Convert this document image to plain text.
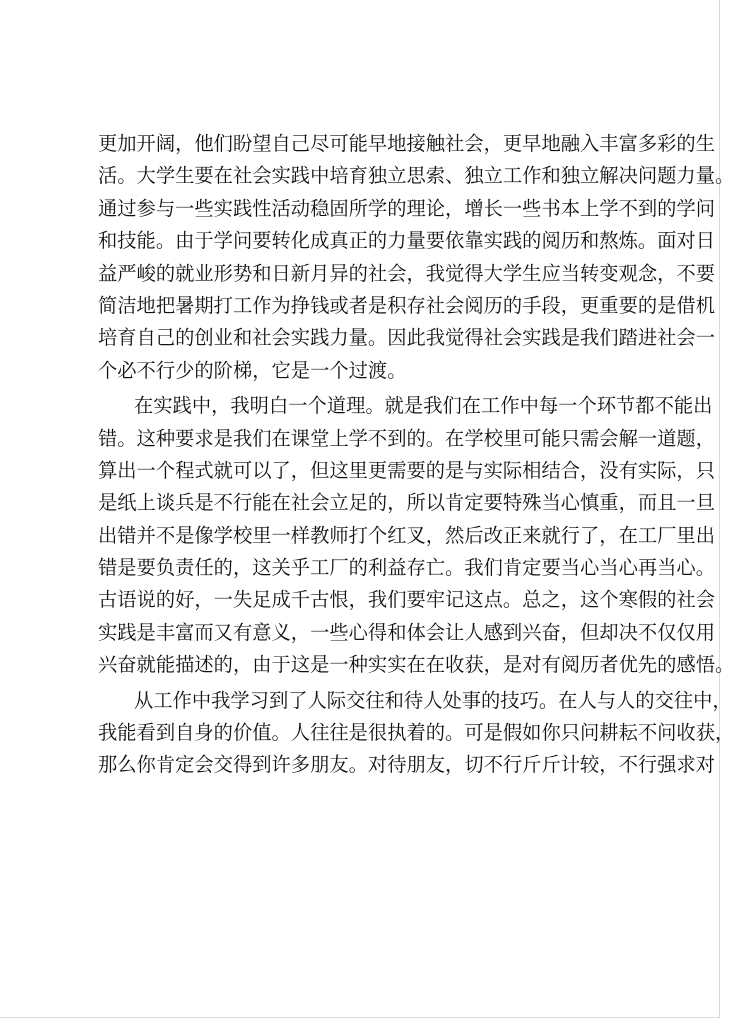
更加开阔，他们盼望自己尽可能早地接触社会，更早地融入丰富多彩的生
活。大学生要在社会实践中培育独立思索、独立工作和独立解决问题力量。
通过参与一些实践性活动稳固所学的理论，增长一些书本上学不到的学问
和技能。由于学问要转化成真正的力量要依靠实践的阅历和熬炼。面对日
益严峻的就业形势和日新月异的社会，我觉得大学生应当转变观念，不要
简洁地把暑期打工作为挣钱或者是积存社会阅历的手段，更重要的是借机
培育自己的创业和社会实践力量。因此我觉得社会实践是我们踏进社会一
个必不行少的阶梯，它是一个过渡。
在实践中，我明白一个道理。就是我们在工作中每一个环节都不能出
错。这种要求是我们在课堂上学不到的。在学校里可能只需会解一道题，
算出一个程式就可以了，但这里更需要的是与实际相结合，没有实际，只
是纸上谈兵是不行能在社会立足的，所以肯定要特殊当心慎重，而且一旦
出错并不是像学校里一样教师打个红叉，然后改正来就行了，在工厂里出
错是要负责任的，这关乎工厂的利益存亡。我们肯定要当心当心再当心。
古语说的好，一失足成千古恨，我们要牢记这点。总之，这个寒假的社会
实践是丰富而又有意义，一些心得和体会让人感到兴奋，但却决不仅仅用
兴奋就能描述的，由于这是一种实实在在收获，是对有阅历者优先的感悟。
从工作中我学习到了人际交往和待人处事的技巧。在人与人的交往中，
我能看到自身的价值。人往往是很执着的。可是假如你只问耕耘不问收获，
那么你肯定会交得到许多朋友。对待朋友，切不行斤斤计较，不行强求对
